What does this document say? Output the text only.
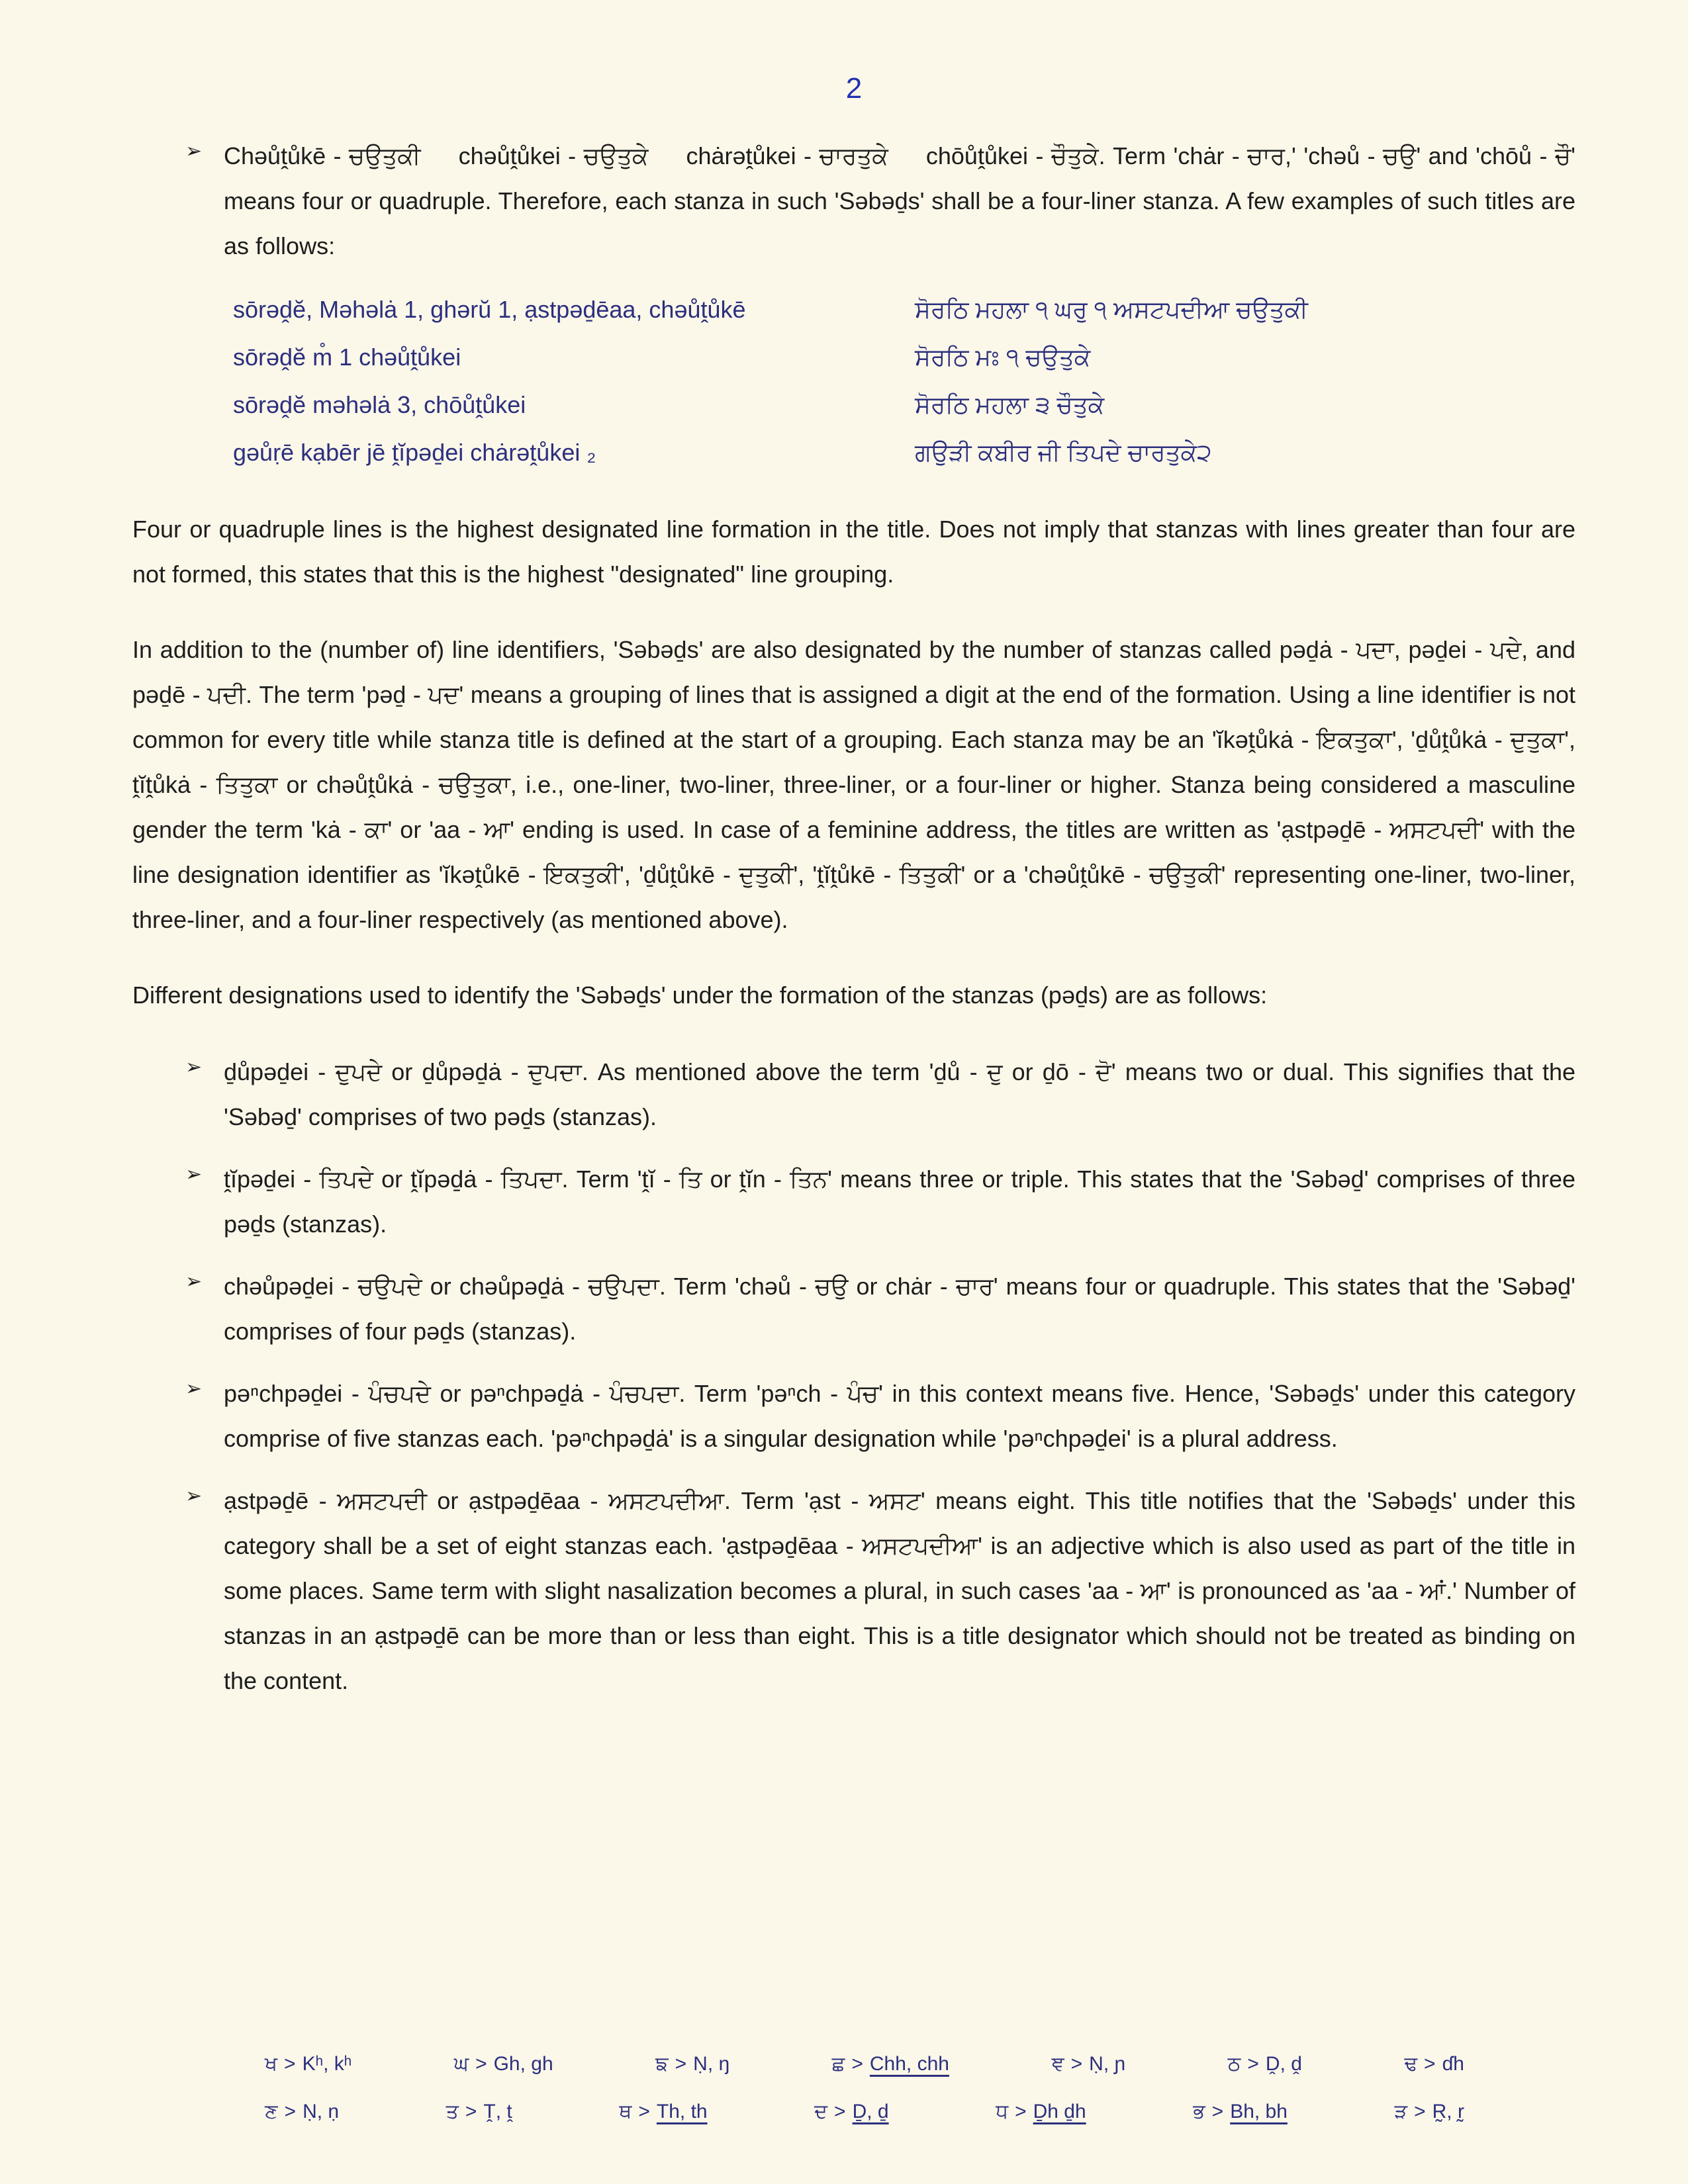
2
➢ Chəůṱůkē - ਚਉਤੁਕੀ     chəůṱůkei - ਚਉਤੁਕੇ     chȧrəṱůkei - ਚਾਰਤੁਕੇ     chōůṱůkei - ਚੌਤੁਕੇ. Term 'chȧr - ਚਾਰ,' 'chəů - ਚਉ' and 'chōů - ਚੌ' means four or quadruple. Therefore, each stanza in such 'Səbəḏs' shall be a four-liner stanza. A few examples of such titles are as follows:
sōrəḓĕ, Məhəlȧ 1, ghərŭ 1, ạstpəḏēaa, chəůṱůkē	ਸੋਰਠਿ ਮਹਲਾ ੧ ਘਰੁ ੧ ਅਸਟਪਦੀਆ ਚਉਤੁਕੀ
sōrəḓĕ m̊ 1 chəůṱůkei	ਸੋਰਠਿ ਮਃ ੧ ਚਉਤੁਕੇ
sōrəḓĕ məhəlȧ 3, chōůṱůkei	ਸੋਰਠਿ ਮਹਲਾ ੩ ਚੌਤੁਕੇ
gəůṛē kạbēr jē ṱĭpəḏei chȧrəṱůkei ₂	ਗਉੜੀ ਕਬੀਰ ਜੀ ਤਿਪਦੇ ਚਾਰਤੁਕੇ੨
Four or quadruple lines is the highest designated line formation in the title. Does not imply that stanzas with lines greater than four are not formed, this states that this is the highest "designated" line grouping.
In addition to the (number of) line identifiers, 'Səbəḏs' are also designated by the number of stanzas called pəḏȧ - ਪਦਾ, pəḏei - ਪਦੇ, and pəḏē - ਪਦੀ. The term 'pəḏ - ਪਦ' means a grouping of lines that is assigned a digit at the end of the formation. Using a line identifier is not common for every title while stanza title is defined at the start of a grouping. Each stanza may be an 'ĭkəṱůkȧ - ਇਕਤੁਕਾ', 'ḏůṱůkȧ - ਦੁਤੁਕਾ', ṱĭṱůkȧ - ਤਿਤੁਕਾ or chəůṱůkȧ - ਚਉਤੁਕਾ, i.e., one-liner, two-liner, three-liner, or a four-liner or higher. Stanza being considered a masculine gender the term 'kȧ - ਕਾ' or 'aa - ਆ' ending is used. In case of a feminine address, the titles are written as 'ạstpəḏē - ਅਸਟਪਦੀ' with the line designation identifier as 'ĭkəṱůkē - ਇਕਤੁਕੀ', 'ḏůṱůkē - ਦੁਤੁਕੀ', 'ṱĭṱůkē - ਤਿਤੁਕੀ' or a 'chəůṱůkē - ਚਉਤੁਕੀ' representing one-liner, two-liner, three-liner, and a four-liner respectively (as mentioned above).
Different designations used to identify the 'Səbəḏs' under the formation of the stanzas (pəḏs) are as follows:
➢ ḏůpəḏei - ਦੁਪਦੇ or ḏůpəḏȧ - ਦੁਪਦਾ. As mentioned above the term 'ḏů - ਦੁ or ḏō - ਦੋ' means two or dual. This signifies that the 'Səbəḏ' comprises of two pəḏs (stanzas).
➢ ṱĭpəḏei - ਤਿਪਦੇ or ṱĭpəḏȧ - ਤਿਪਦਾ. Term 'ṱĭ - ਤਿ or ṱĭn - ਤਿਨ' means three or triple. This states that the 'Səbəḏ' comprises of three pəḏs (stanzas).
➢ chəůpəḏei - ਚਉਪਦੇ or chəůpəḏȧ - ਚਉਪਦਾ. Term 'chəů - ਚਉ or chȧr - ਚਾਰ' means four or quadruple. This states that the 'Səbəḏ' comprises of four pəḏs (stanzas).
➢ pəⁿchpəḏei - ਪੰਚਪਦੇ or pəⁿchpəḏȧ - ਪੰਚਪਦਾ. Term 'pəⁿch - ਪੰਚ' in this context means five. Hence, 'Səbəḏs' under this category comprise of five stanzas each. 'pəⁿchpəḏȧ' is a singular designation while 'pəⁿchpəḏei' is a plural address.
➢ ạstpəḏē - ਅਸਟਪਦੀ or ạstpəḏēaa - ਅਸਟਪਦੀਆ. Term 'ạst - ਅਸਟ' means eight. This title notifies that the 'Səbəḏs' under this category shall be a set of eight stanzas each. 'ạstpəḏēaa - ਅਸਟਪਦੀਆ' is an adjective which is also used as part of the title in some places. Same term with slight nasalization becomes a plural, in such cases 'aa - ਆ' is pronounced as 'aa - ਆਂ.' Number of stanzas in an ạstpəḏē can be more than or less than eight. This is a title designator which should not be treated as binding on the content.
ਖ > Kʰ, kʰ	ਘ > Gh, gh	ਙ > Ṇ, ŋ	ਛ > Chh, chh	ਞ > Ṇ, ɲ	ਠ > Ḓ, ḓ	ਢ > ɗh
ਣ > Ṇ, ṇ	ਤ > Ṱ, ṱ	ਥ > Th, th	ਦ > Ḏ, ḏ	ਧ > Ḏh ḏh	ਭ > Bh, bh	ੜ > R̰, r̰
